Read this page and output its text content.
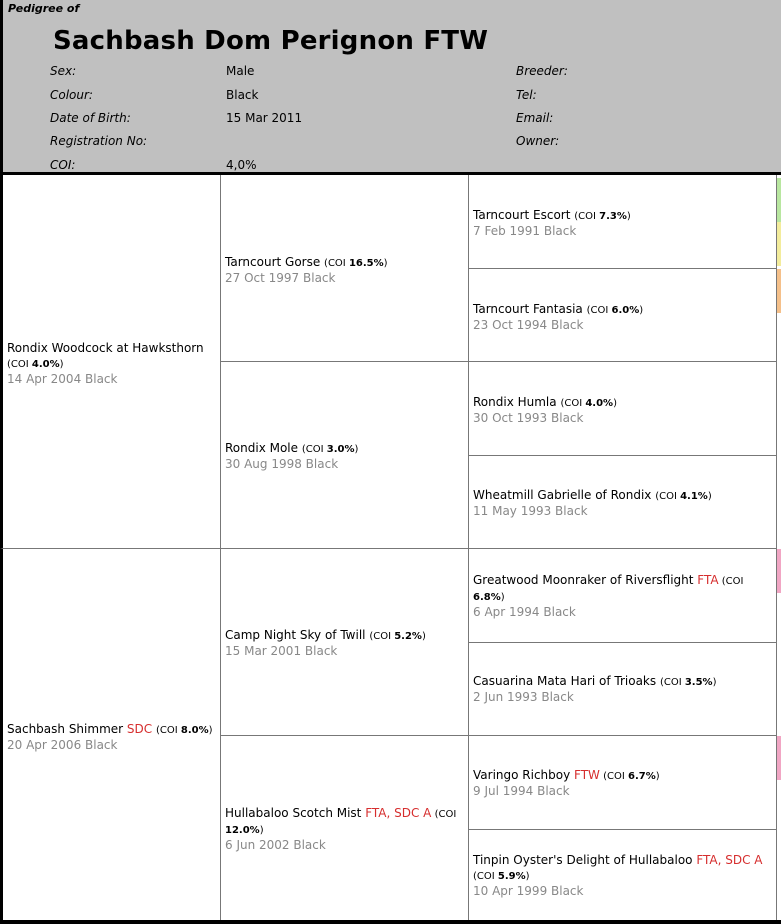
Pedigree of
Sachbash Dom Perignon FTW
Sex:
Colour:
Date of Birth:
Registration No:
COI:
Male
Black
15 Mar 2011
4,0%
Breeder:
Tel:
Email:
Owner:
Rondix Woodcock at Hawksthorn
(COI 4.0%)
14 Apr 2004 Black
Sachbash Shimmer SDC (COI 8.0%)
20 Apr 2006 Black
Tarncourt Gorse (COI 16.5%)
27 Oct 1997 Black
Rondix Mole (COI 3.0%)
30 Aug 1998 Black
Camp Night Sky of Twill (COI 5.2%)
15 Mar 2001 Black
Hullabaloo Scotch Mist FTA, SDC A (COI 12.0%)
6 Jun 2002 Black
Tarncourt Escort (COI 7.3%)
7 Feb 1991 Black
Tarncourt Fantasia (COI 6.0%)
23 Oct 1994 Black
Rondix Humla (COI 4.0%)
30 Oct 1993 Black
Wheatmill Gabrielle of Rondix (COI 4.1%)
11 May 1993 Black
Greatwood Moonraker of Riversflight FTA (COI 6.8%)
6 Apr 1994 Black
Casuarina Mata Hari of Trioaks (COI 3.5%)
2 Jun 1993 Black
Varingo Richboy FTW (COI 6.7%)
9 Jul 1994 Black
Tinpin Oyster's Delight of Hullabaloo FTA, SDC A
(COI 5.9%)
10 Apr 1999 Black
